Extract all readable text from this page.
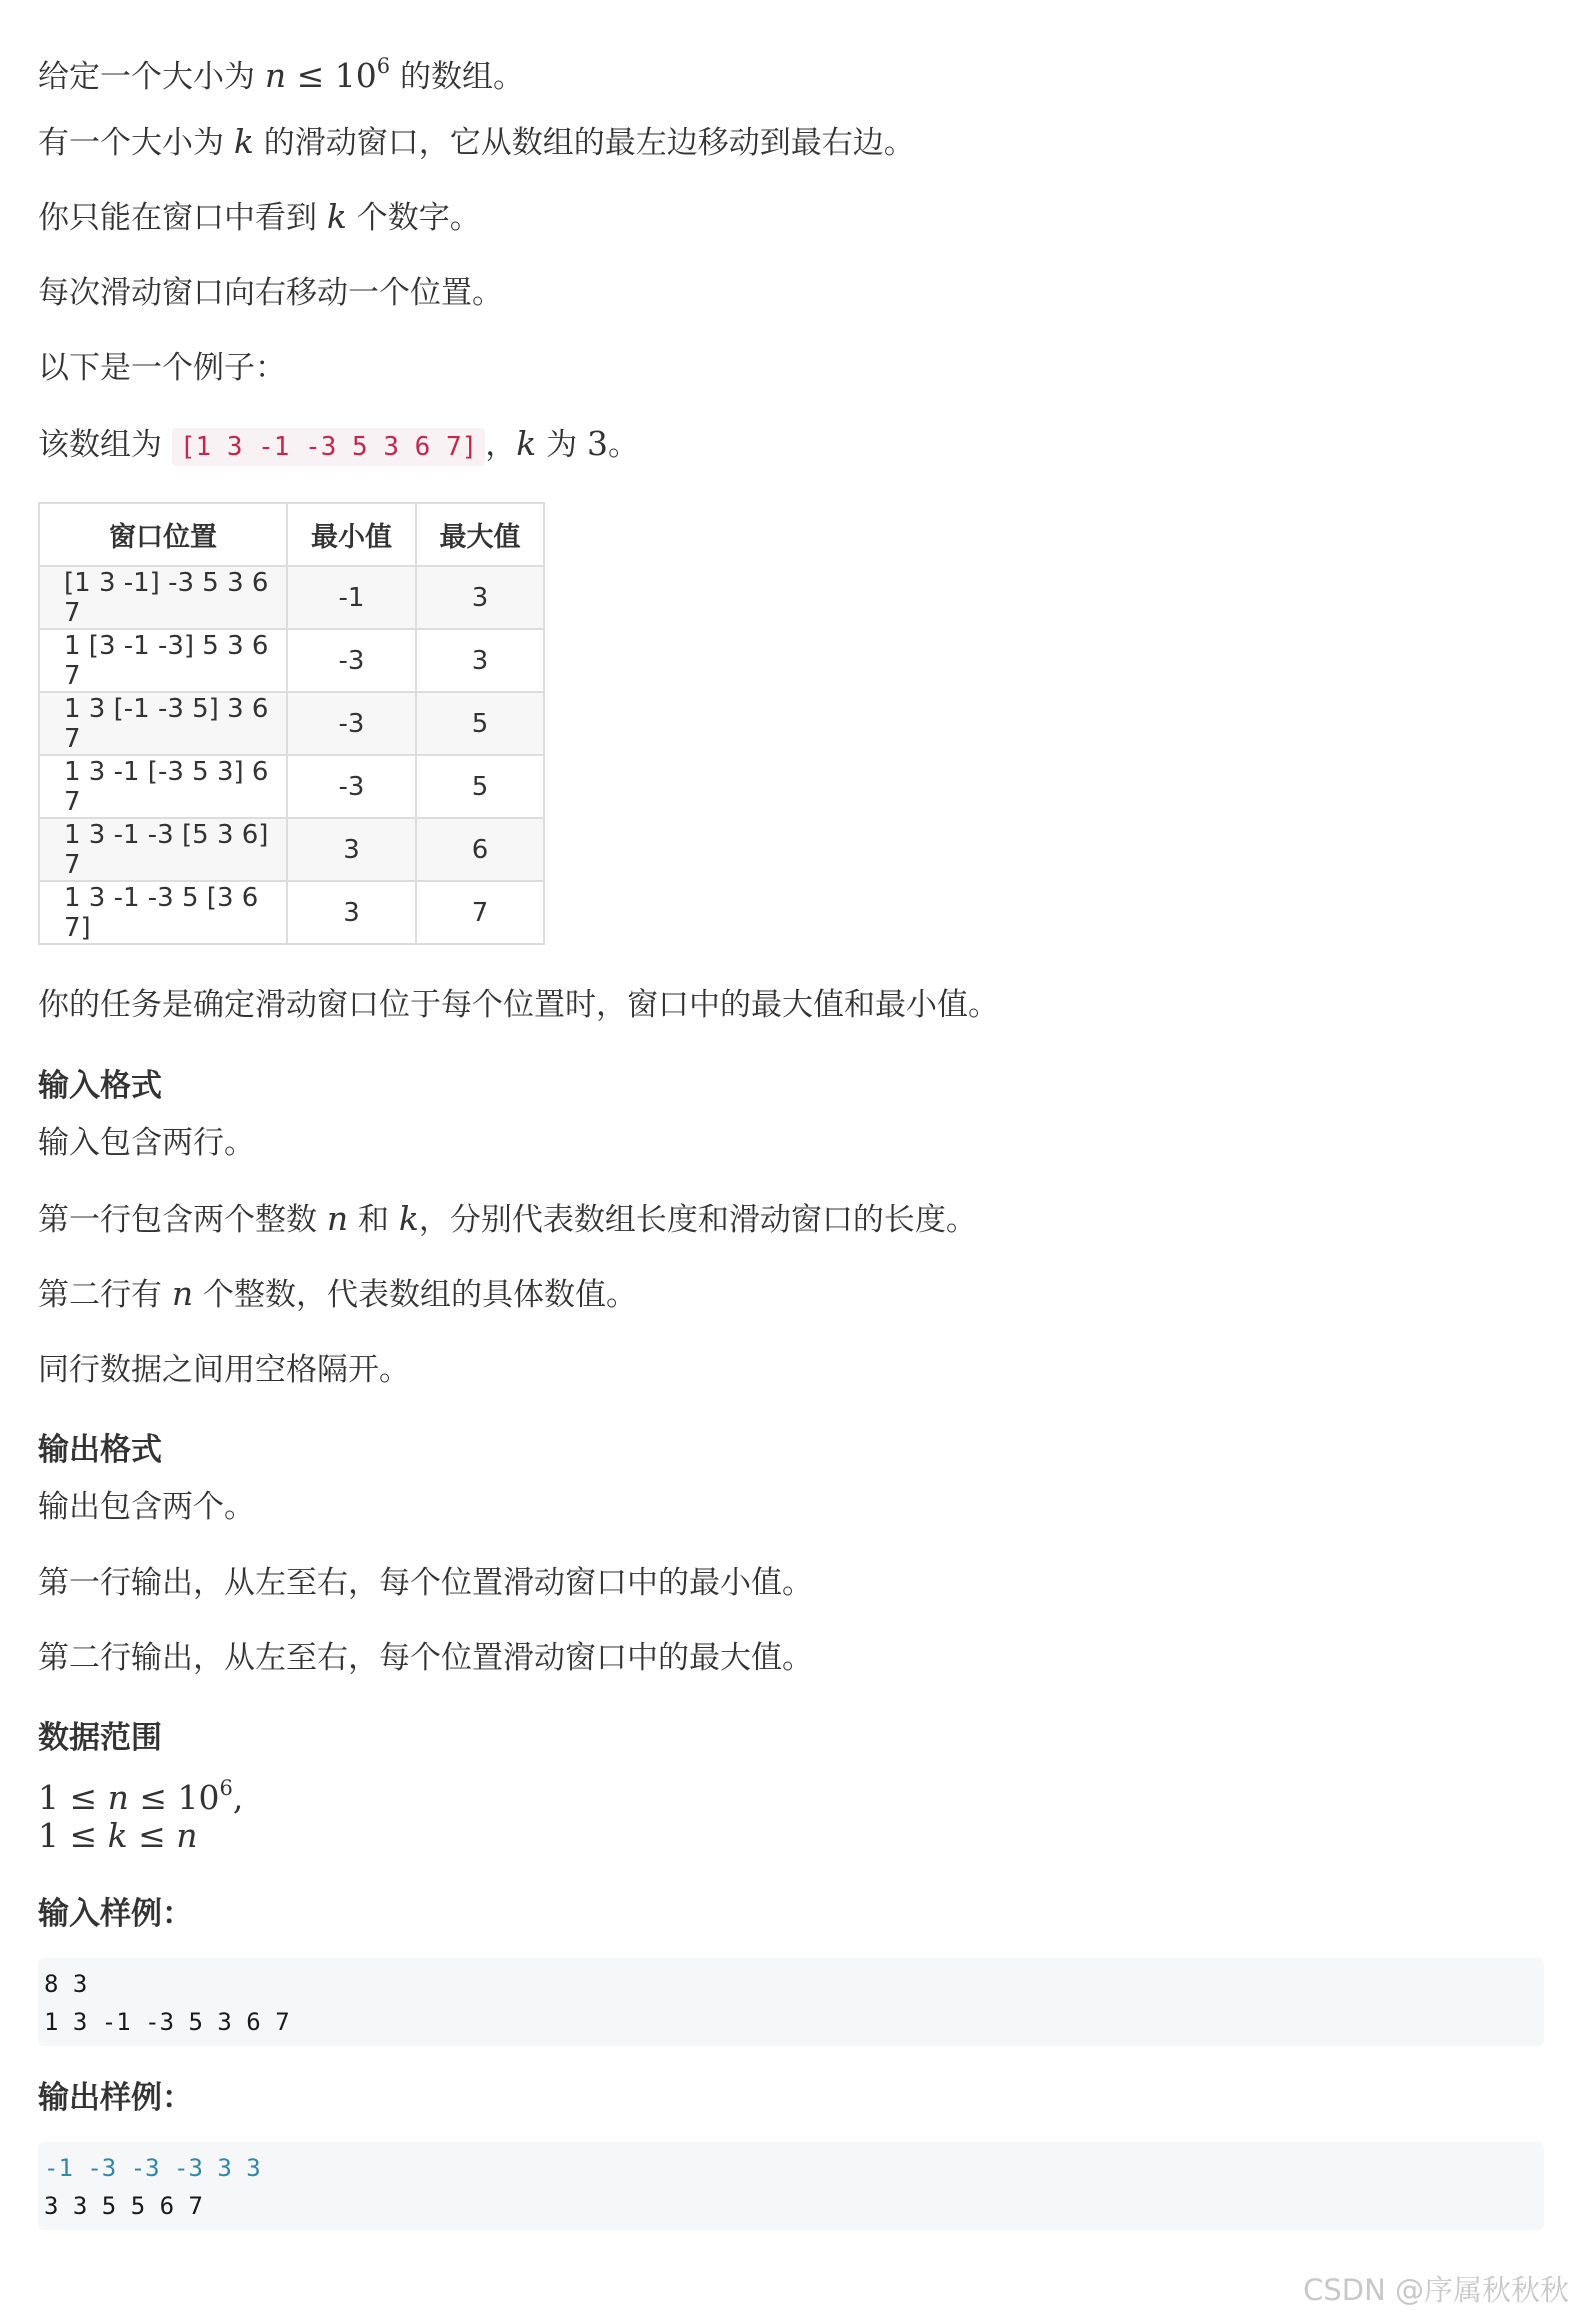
给定一个大小为 $n \le 10^6$ 的数组。
有一个大小为 k 的滑动窗口，它从数组的最左边移动到最右边。
你只能在窗口中看到 k 个数字。
每次滑动窗口向右移动一个位置。
以下是一个例子：
该数组为 [1 3 -1 -3 5 3 6 7] ，k 为 3。
窗口位置	最小值	最大值
[1 3 -1] -3 5 3 6 7	-1	3
1 [3 -1 -3] 5 3 6 7	-3	3
1 3 [-1 -3 5] 3 6 7	-3	5
1 3 -1 [-3 5 3] 6 7	-3	5
1 3 -1 -3 [5 3 6] 7	3	6
1 3 -1 -3 5 [3 6 7]	3	7
你的任务是确定滑动窗口位于每个位置时，窗口中的最大值和最小值。
输入格式
输入包含两行。
第一行包含两个整数 n 和 k，分别代表数组长度和滑动窗口的长度。
第二行有 n 个整数，代表数组的具体数值。
同行数据之间用空格隔开。
输出格式
输出包含两个。
第一行输出，从左至右，每个位置滑动窗口中的最小值。
第二行输出，从左至右，每个位置滑动窗口中的最大值。
数据范围
$1 \le n \le 10^6$,
1 ≤ k ≤ n
输入样例：
8 3
1 3 -1 -3 5 3 6 7
输出样例：
-1 -3 -3 -3 3 3
3 3 5 5 6 7
CSDN @序属秋秋秋
